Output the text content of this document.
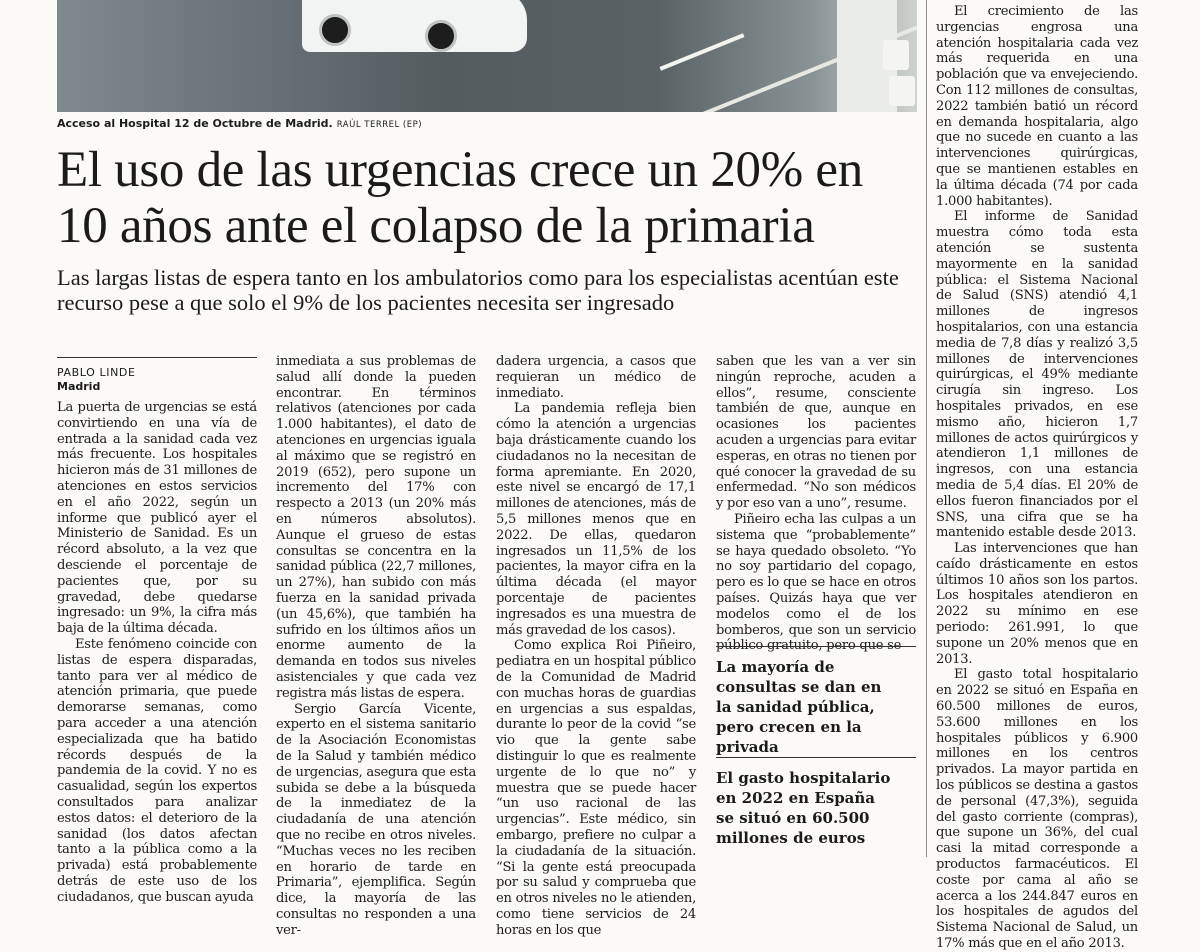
Acceso al Hospital 12 de Octubre de Madrid. RAÚL TERREL (EP)
El uso de las urgencias crece un 20% en 10 años ante el colapso de la primaria

Las largas listas de espera tanto en los ambulatorios como para los especialistas acentúan este recurso pese a que solo el 9% de los pacientes necesita ser ingresado

PABLO LINDE
Madrid

La puerta de urgencias se está convirtiendo en una vía de entrada a la sanidad cada vez más frecuente. Los hospitales hicieron más de 31 millones de atenciones en estos servicios en el año 2022, según un informe que publicó ayer el Ministerio de Sanidad. Es un récord absoluto, a la vez que desciende el porcentaje de pacientes que, por su gravedad, debe quedarse ingresado: un 9%, la cifra más baja de la última década.

Este fenómeno coincide con listas de espera disparadas, tanto para ver al médico de atención primaria, que puede demorarse semanas, como para acceder a una atención especializada que ha batido récords después de la pandemia de la covid. Y no es casualidad, según los expertos consultados para analizar estos datos: el deterioro de la sanidad (los datos afectan tanto a la pública como a la privada) está probablemente detrás de este uso de los ciudadanos, que buscan ayuda

inmediata a sus problemas de salud allí donde la pueden encontrar. En términos relativos (atenciones por cada 1.000 habitantes), el dato de atenciones en urgencias iguala al máximo que se registró en 2019 (652), pero supone un incremento del 17% con respecto a 2013 (un 20% más en números absolutos). Aunque el grueso de estas consultas se concentra en la sanidad pública (22,7 millones, un 27%), han subido con más fuerza en la sanidad privada (un 45,6%), que también ha sufrido en los últimos años un enorme aumento de la demanda en todos sus niveles asistenciales y que cada vez registra más listas de espera.

Sergio García Vicente, experto en el sistema sanitario de la Asociación Economistas de la Salud y también médico de urgencias, asegura que esta subida se debe a la búsqueda de la inmediatez de la ciudadanía de una atención que no recibe en otros niveles. “Muchas veces no les reciben en horario de tarde en Primaria”, ejemplifica. Según dice, la mayoría de las consultas no responden a una ver-

dadera urgencia, a casos que requieran un médico de inmediato.

La pandemia refleja bien cómo la atención a urgencias baja drásticamente cuando los ciudadanos no la necesitan de forma apremiante. En 2020, este nivel se encargó de 17,1 millones de atenciones, más de 5,5 millones menos que en 2022. De ellas, quedaron ingresados un 11,5% de los pacientes, la mayor cifra en la última década (el mayor porcentaje de pacientes ingresados es una muestra de más gravedad de los casos).

Como explica Roi Piñeiro, pediatra en un hospital público de la Comunidad de Madrid con muchas horas de guardias en urgencias a sus espaldas, durante lo peor de la covid “se vio que la gente sabe distinguir lo que es realmente urgente de lo que no” y muestra que se puede hacer “un uso racional de las urgencias”. Este médico, sin embargo, prefiere no culpar a la ciudadanía de la situación. “Si la gente está preocupada por su salud y comprueba que en otros niveles no le atienden, como tiene servicios de 24 horas en los que

saben que les van a ver sin ningún reproche, acuden a ellos”, resume, consciente también de que, aunque en ocasiones los pacientes acuden a urgencias para evitar esperas, en otras no tienen por qué conocer la gravedad de su enfermedad. “No son médicos y por eso van a uno”, resume.

Piñeiro echa las culpas a un sistema que “probablemente” se haya quedado obsoleto. “Yo no soy partidario del copago, pero es lo que se hace en otros países. Quizás haya que ver modelos como el de los bomberos, que son un servicio público gratuito, pero que se

La mayoría de consultas se dan en la sanidad pública, pero crecen en la privada
El gasto hospitalario en 2022 en España se situó en 60.500 millones de euros

El crecimiento de las urgencias engrosa una atención hospitalaria cada vez más requerida en una población que va envejeciendo. Con 112 millones de consultas, 2022 también batió un récord en demanda hospitalaria, algo que no sucede en cuanto a las intervenciones quirúrgicas, que se mantienen estables en la última década (74 por cada 1.000 habitantes).

El informe de Sanidad muestra cómo toda esta atención se sustenta mayormente en la sanidad pública: el Sistema Nacional de Salud (SNS) atendió 4,1 millones de ingresos hospitalarios, con una estancia media de 7,8 días y realizó 3,5 millones de intervenciones quirúrgicas, el 49% mediante cirugía sin ingreso. Los hospitales privados, en ese mismo año, hicieron 1,7 millones de actos quirúrgicos y atendieron 1,1 millones de ingresos, con una estancia media de 5,4 días. El 20% de ellos fueron financiados por el SNS, una cifra que se ha mantenido estable desde 2013.

Las intervenciones que han caído drásticamente en estos últimos 10 años son los partos. Los hospitales atendieron en 2022 su mínimo en ese periodo: 261.991, lo que supone un 20% menos que en 2013.

El gasto total hospitalario en 2022 se situó en España en 60.500 millones de euros, 53.600 millones en los hospitales públicos y 6.900 millones en los centros privados. La mayor partida en los públicos se destina a gastos de personal (47,3%), seguida del gasto corriente (compras), que supone un 36%, del cual casi la mitad corresponde a productos farmacéuticos. El coste por cama al año se acerca a los 244.847 euros en los hospitales de agudos del Sistema Nacional de Salud, un 17% más que en el año 2013.
